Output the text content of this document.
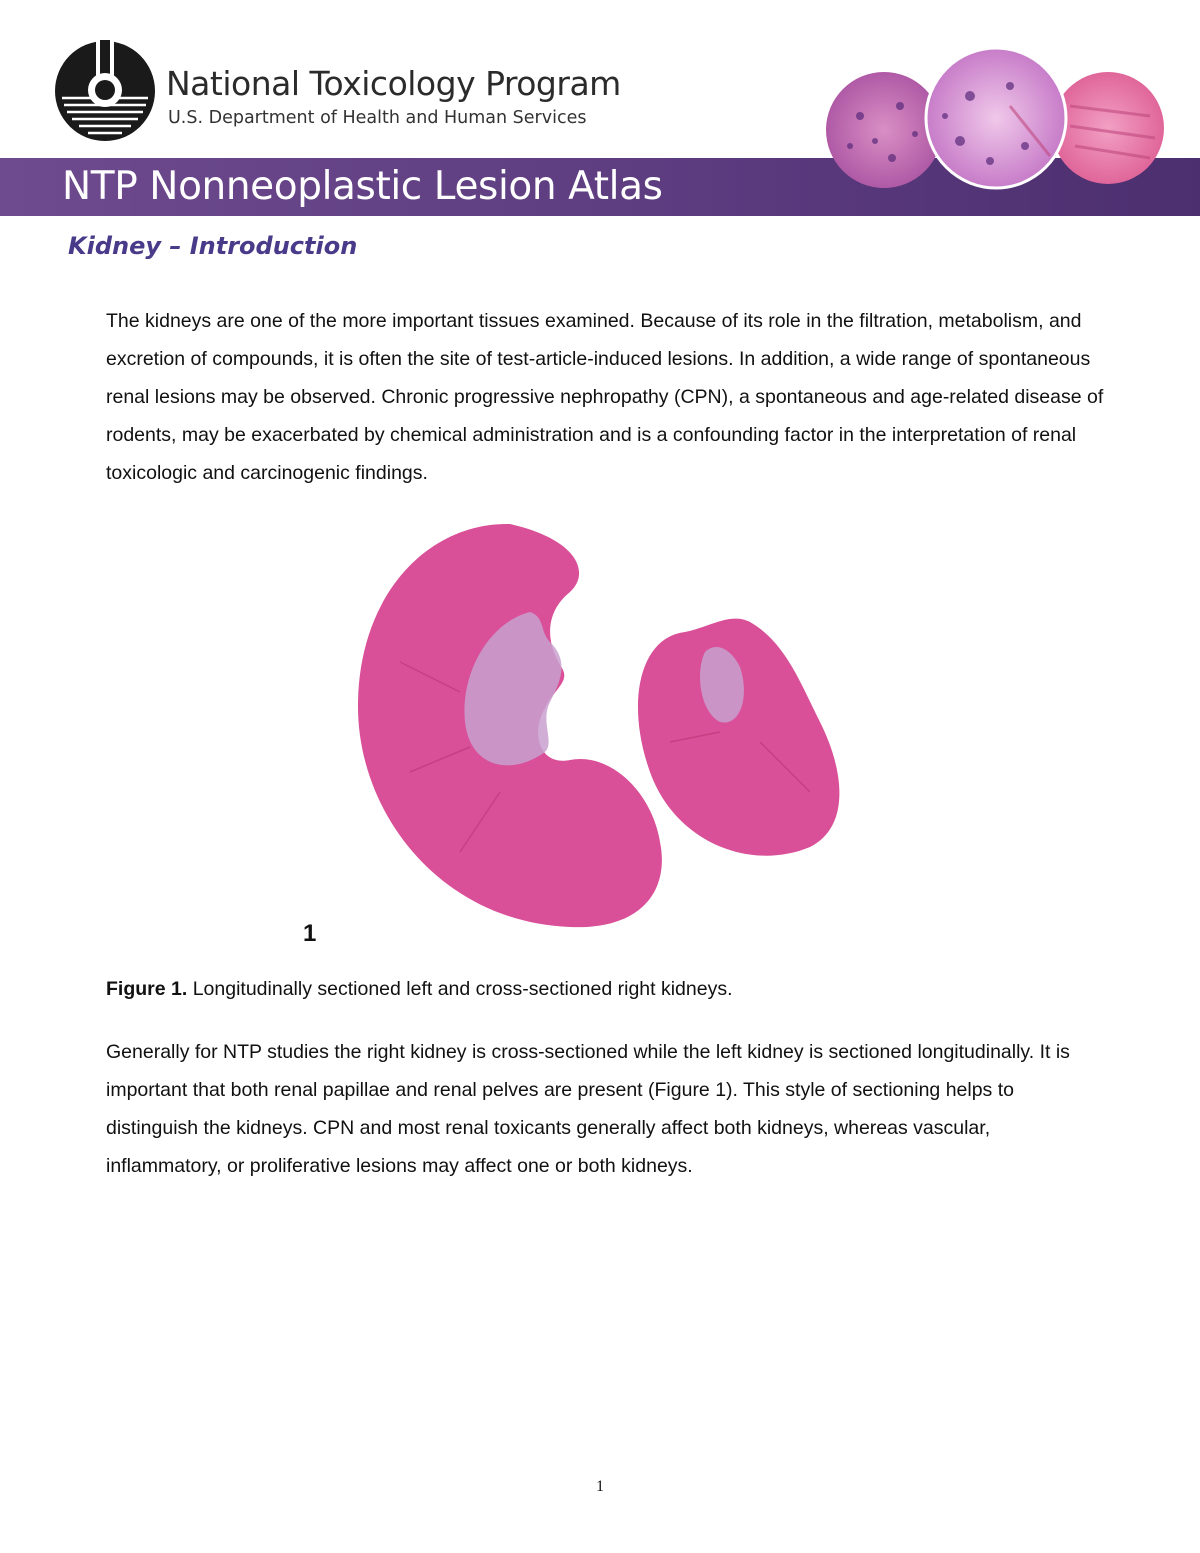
National Toxicology Program
U.S. Department of Health and Human Services
NTP Nonneoplastic Lesion Atlas
Kidney – Introduction

The kidneys are one of the more important tissues examined. Because of its role in the filtration, metabolism, and excretion of compounds, it is often the site of test-article-induced lesions. In addition, a wide range of spontaneous renal lesions may be observed. Chronic progressive nephropathy (CPN), a spontaneous and age-related disease of rodents, may be exacerbated by chemical administration and is a confounding factor in the interpretation of renal toxicologic and carcinogenic findings.

1
Figure 1. Longitudinally sectioned left and cross-sectioned right kidneys.

Generally for NTP studies the right kidney is cross-sectioned while the left kidney is sectioned longitudinally. It is important that both renal papillae and renal pelves are present (Figure 1). This style of sectioning helps to distinguish the kidneys. CPN and most renal toxicants generally affect both kidneys, whereas vascular, inflammatory, or proliferative lesions may affect one or both kidneys.

1
